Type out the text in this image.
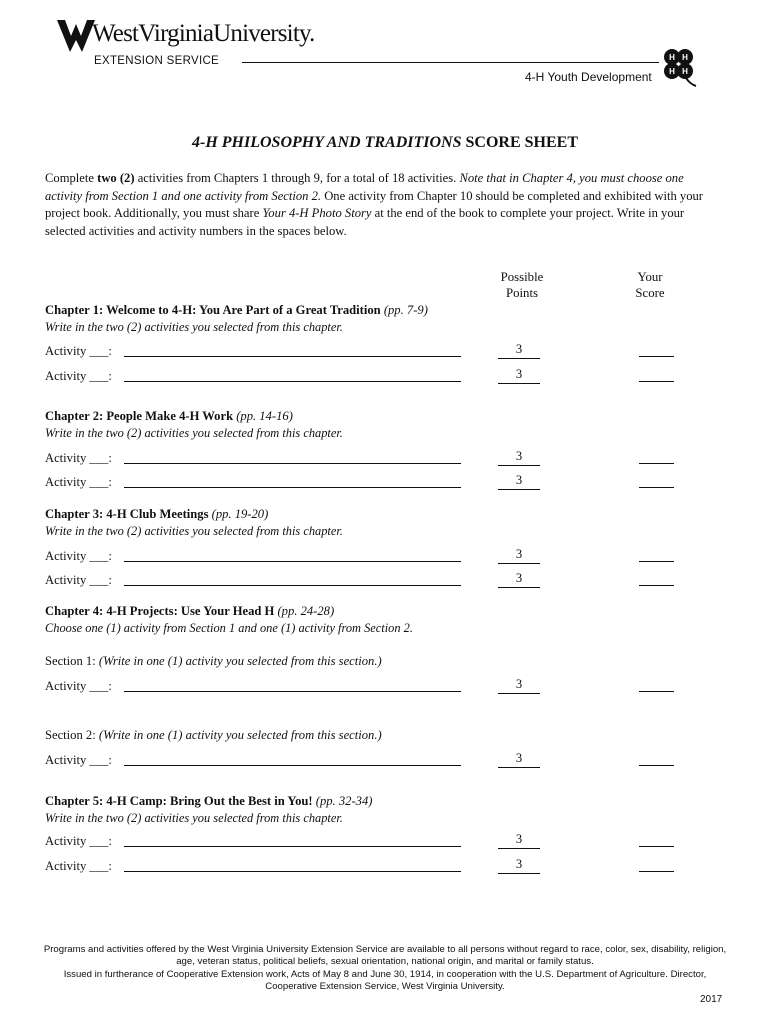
WestVirginiaUniversity.
EXTENSION SERVICE
4-H Youth Development
H H
H H
4-H PHILOSOPHY AND TRADITIONS SCORE SHEET
Complete two (2) activities from Chapters 1 through 9, for a total of 18 activities. Note that in Chapter 4, you must choose one activity from Section 1 and one activity from Section 2. One activity from Chapter 10 should be completed and exhibited with your project book. Additionally, you must share Your 4-H Photo Story at the end of the book to complete your project. Write in your selected activities and activity numbers in the spaces below.
Possible
Points
Your
Score
Chapter 1: Welcome to 4-H: You Are Part of a Great Tradition (pp. 7-9)
Write in the two (2) activities you selected from this chapter.
Activity ___:	3
Activity ___:	3
Chapter 2: People Make 4-H Work (pp. 14-16)
Write in the two (2) activities you selected from this chapter.
Activity ___:	3
Activity ___:	3
Chapter 3: 4-H Club Meetings (pp. 19-20)
Write in the two (2) activities you selected from this chapter.
Activity ___:	3
Activity ___:	3
Chapter 4: 4-H Projects: Use Your Head H (pp. 24-28)
Choose one (1) activity from Section 1 and one (1) activity from Section 2.
Section 1: (Write in one (1) activity you selected from this section.)
Activity ___:	3
Section 2: (Write in one (1) activity you selected from this section.)
Activity ___:	3
Chapter 5: 4-H Camp: Bring Out the Best in You! (pp. 32-34)
Write in the two (2) activities you selected from this chapter.
Activity ___:	3
Activity ___:	3
Programs and activities offered by the West Virginia University Extension Service are available to all persons without regard to race, color, sex, disability, religion, age, veteran status, political beliefs, sexual orientation, national origin, and marital or family status.
Issued in furtherance of Cooperative Extension work, Acts of May 8 and June 30, 1914, in cooperation with the U.S. Department of Agriculture. Director, Cooperative Extension Service, West Virginia University.
2017
